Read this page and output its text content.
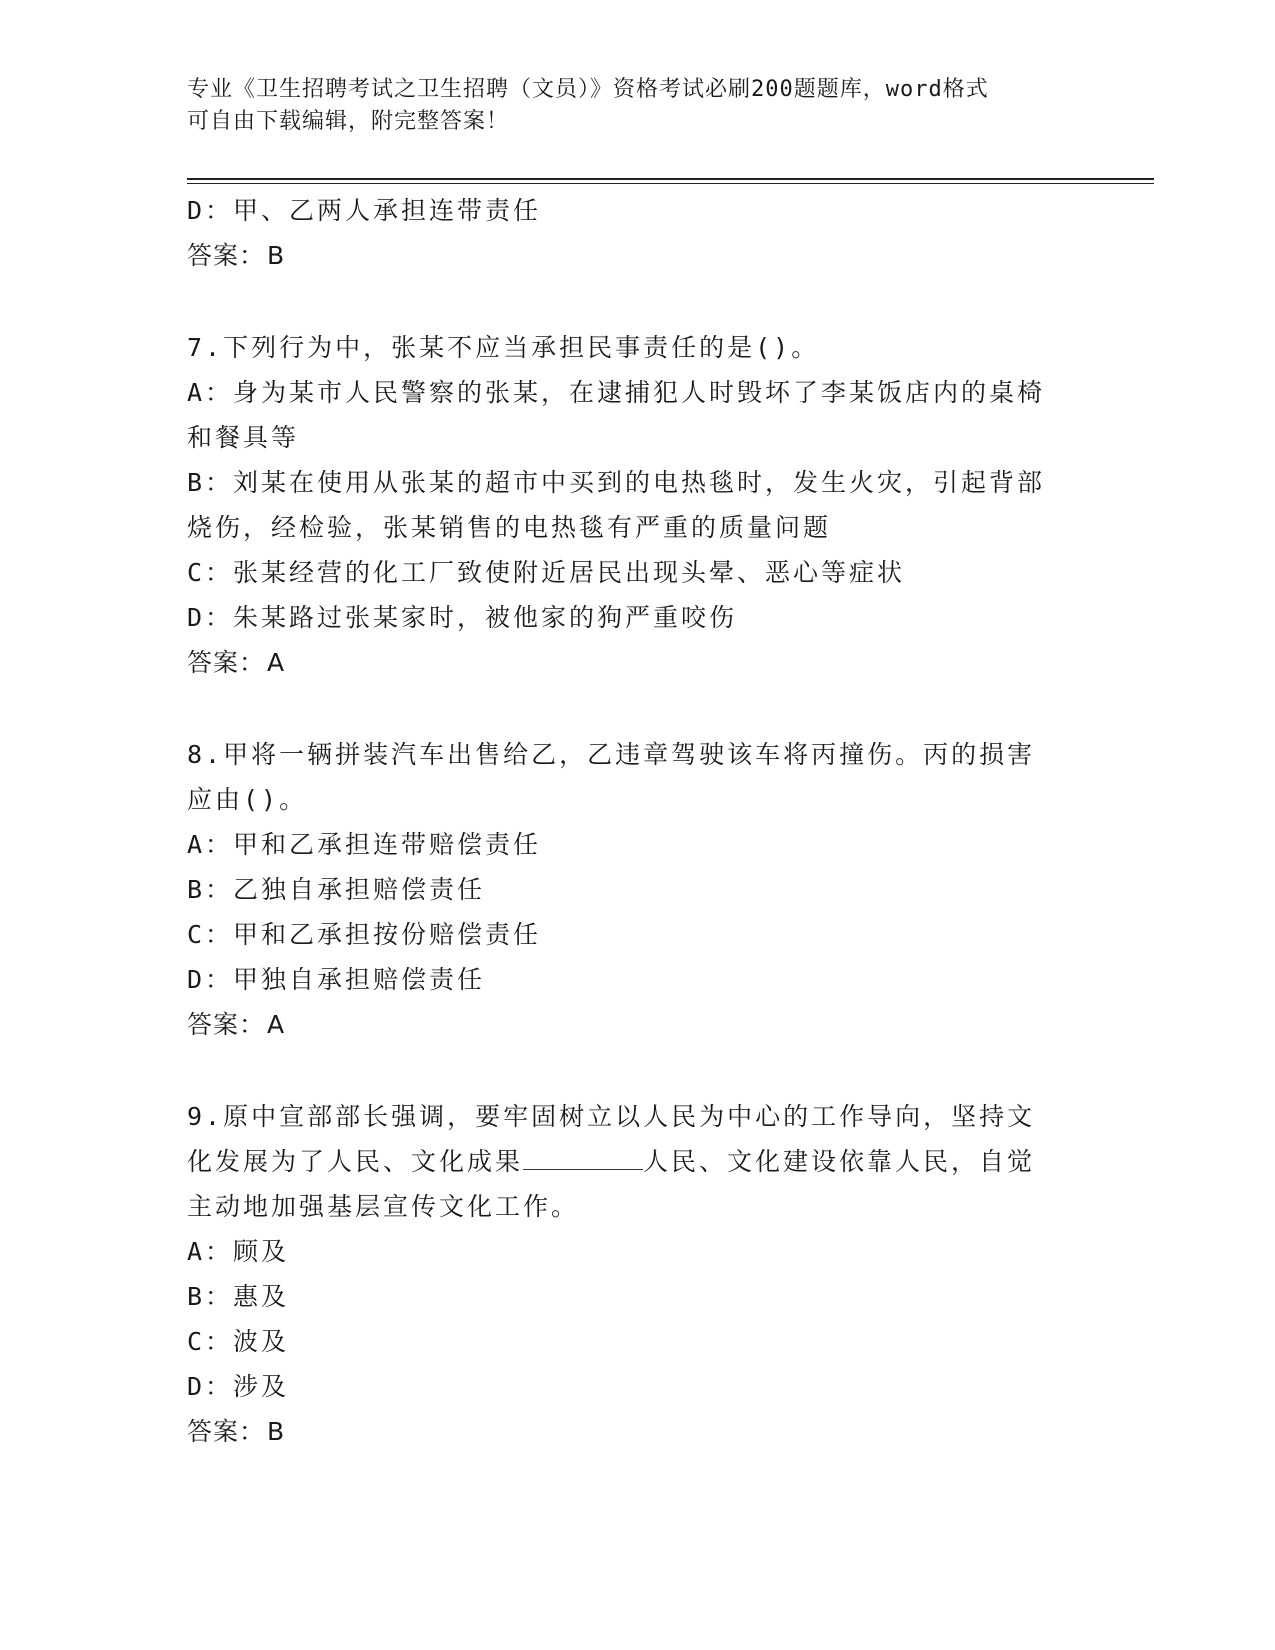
专业《卫生招聘考试之卫生招聘（文员）》资格考试必刷200题题库，word格式

可自由下载编辑，附完整答案！

D：甲、乙两人承担连带责任

答案：B

7.下列行为中，张某不应当承担民事责任的是()。

A：身为某市人民警察的张某，在逮捕犯人时毁坏了李某饭店内的桌椅
和餐具等

B：刘某在使用从张某的超市中买到的电热毯时，发生火灾，引起背部
烧伤，经检验，张某销售的电热毯有严重的质量问题

C：张某经营的化工厂致使附近居民出现头晕、恶心等症状

D：朱某路过张某家时，被他家的狗严重咬伤

答案：A

8.甲将一辆拼装汽车出售给乙，乙违章驾驶该车将丙撞伤。丙的损害
应由()。

A：甲和乙承担连带赔偿责任

B：乙独自承担赔偿责任

C：甲和乙承担按份赔偿责任

D：甲独自承担赔偿责任

答案：A

9.原中宣部部长强调，要牢固树立以人民为中心的工作导向，坚持文
化发展为了人民、文化成果	人民、文化建设依靠人民，自觉
主动地加强基层宣传文化工作。

A：顾及

B：惠及

C：波及

D：涉及

答案：B
